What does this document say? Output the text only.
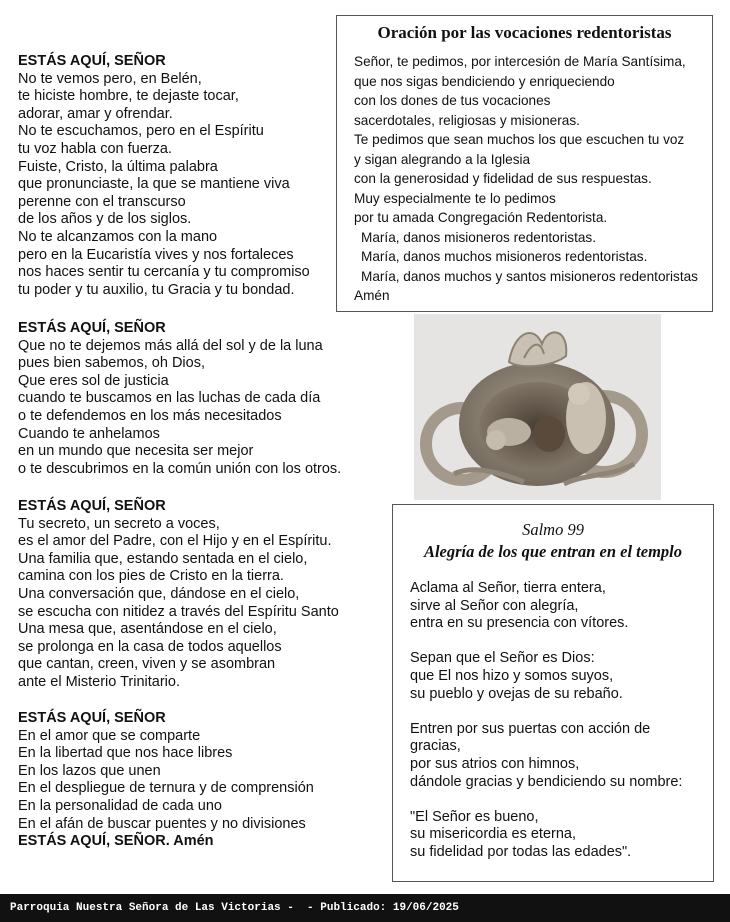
ESTÁS AQUÍ, SEÑOR
No te vemos pero, en Belén,
te hiciste hombre, te dejaste tocar,
adorar, amar y ofrendar.
No te escuchamos, pero en el Espíritu
tu voz habla con fuerza.
Fuiste, Cristo, la última palabra
que pronunciaste, la que se mantiene viva
perenne con el transcurso
de los años y de los siglos.
No te alcanzamos con la mano
pero en la Eucaristía vives y nos fortaleces
nos haces sentir tu cercanía y tu compromiso
tu poder y tu auxilio, tu Gracia y tu bondad.
ESTÁS AQUÍ, SEÑOR
Que no te dejemos más allá del sol y de la luna
pues bien sabemos, oh Dios,
Que eres sol de justicia
cuando te buscamos en las luchas de cada día
o te defendemos en los más necesitados
Cuando te anhelamos
en un mundo que necesita ser mejor
o te descubrimos en la común unión con los otros.
ESTÁS AQUÍ, SEÑOR
Tu secreto, un secreto a voces,
es el amor del Padre, con el Hijo y en el Espíritu.
Una familia que, estando sentada en el cielo,
camina con los pies de Cristo en la tierra.
Una conversación que, dándose en el cielo,
se escucha con nitidez a través del Espíritu Santo
Una mesa que, asentándose en el cielo,
se prolonga en la casa de todos aquellos
que cantan, creen, viven y se asombran
ante el Misterio Trinitario.
ESTÁS AQUÍ, SEÑOR
En el amor que se comparte
En la libertad que nos hace libres
En los lazos que unen
En el despliegue de ternura y de comprensión
En la personalidad de cada uno
En el afán de buscar puentes y no divisiones
ESTÁS AQUÍ, SEÑOR. Amén
Oración por las vocaciones redentoristas
Señor, te pedimos, por intercesión de María Santísima,
que nos sigas bendiciendo y enriqueciendo
con los dones de tus vocaciones
sacerdotales, religiosas y misioneras.
Te pedimos que sean muchos los que escuchen tu voz
y sigan alegrando a la Iglesia
con la generosidad y fidelidad de sus respuestas.
Muy especialmente te lo pedimos
por tu amada Congregación Redentorista.
María, danos misioneros redentoristas.
María, danos muchos misioneros redentoristas.
María, danos muchos y santos misioneros redentoristas
Amén
Salmo 99
Alegría de los que entran en el templo
Aclama al Señor, tierra entera,
sirve al Señor con alegría,
entra en su presencia con vítores.
Sepan que el Señor es Dios:
que El nos hizo y somos suyos,
su pueblo y ovejas de su rebaño.
Entren por sus puertas con acción de
gracias,
por sus atrios con himnos,
dándole gracias y bendiciendo su nombre:
"El Señor es bueno,
su misericordia es eterna,
su fidelidad por todas las edades".
Parroquia Nuestra Señora de Las Victorias -  - Publicado: 19/06/2025
